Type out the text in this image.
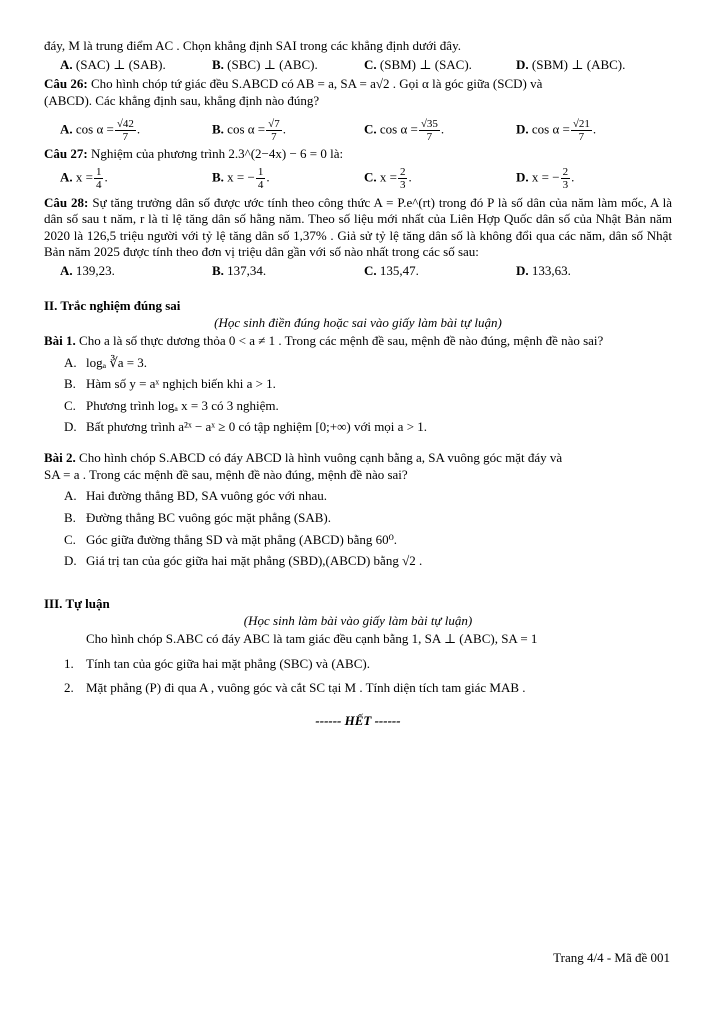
đáy, M là trung điểm AC . Chọn khẳng định SAI trong các khẳng định dưới đây.

A. (SAC) ⊥ (SAB).	B. (SBC) ⊥ (ABC).	C. (SBM) ⊥ (SAC).	D. (SBM) ⊥ (ABC).

Câu 26: Cho hình chóp tứ giác đều S.ABCD có AB = a, SA = a√2 . Gọi α là góc giữa (SCD) và

(ABCD). Các khẳng định sau, khẳng định nào đúng?

A. $\cos \alpha = \frac{√42}{7}$ .	B. $\cos \alpha = \frac{√7}{7}$ .	C. $\cos \alpha = \frac{√35}{7}$ .	D. $\cos \alpha = \frac{√21}{7}$ .

Câu 27: Nghiệm của phương trình 2.3^(2−4x) − 6 = 0 là:

A. $x = \frac{1}{4}$ .	B. x = − $\frac{1}{4}$ .	C. $x = \frac{2}{3}$ .	D. x = − $\frac{2}{3}$ .

Câu 28: Sự tăng trưởng dân số được ước tính theo công thức A = P.e^(rt) trong đó P là số dân của năm làm mốc, A là dân số sau t năm, r là tỉ lệ tăng dân số hằng năm. Theo số liệu mới nhất của Liên Hợp Quốc dân số của Nhật Bản năm 2020 là 126,5 triệu người với tỷ lệ tăng dân số 1,37% . Giả sử tỷ lệ tăng dân số là không đổi qua các năm, dân số Nhật Bản năm 2025 được tính theo đơn vị triệu dân gần với số nào nhất trong các số sau:

A. 139,23.	B. 137,34.	C. 135,47.	D. 133,63.

II. Trắc nghiệm đúng sai

(Học sinh điền đúng hoặc sai vào giấy làm bài tự luận)

Bài 1. Cho a là số thực dương thỏa 0 < a ≠ 1 . Trong các mệnh đề sau, mệnh đề nào đúng, mệnh đề nào sai?

A. logₐ ∛a = 3.

B. Hàm số y = aˣ nghịch biến khi a > 1.

C. Phương trình logₐ x = 3 có 3 nghiệm.

D. Bất phương trình a²ˣ − aˣ ≥ 0 có tập nghiệm [0;+∞) với mọi a > 1.

Bài 2. Cho hình chóp S.ABCD có đáy ABCD là hình vuông cạnh bằng a, SA vuông góc mặt đáy và

SA = a . Trong các mệnh đề sau, mệnh đề nào đúng, mệnh đề nào sai?

A. Hai đường thẳng BD, SA vuông góc với nhau.

B. Đường thẳng BC vuông góc mặt phẳng (SAB).

C. Góc giữa đường thẳng SD và mặt phẳng (ABCD) bằng 60⁰.

D. Giá trị tan của góc giữa hai mặt phẳng (SBD),(ABCD) bằng √2 .

III. Tự luận

(Học sinh làm bài vào giấy làm bài tự luận)

Cho hình chóp S.ABC có đáy ABC là tam giác đều cạnh bằng 1, SA ⊥ (ABC), SA = 1

1. Tính tan của góc giữa hai mặt phẳng (SBC) và (ABC).

2. Mặt phẳng (P) đi qua A , vuông góc và cắt SC tại M . Tính diện tích tam giác MAB .

------ HẾT ------

Trang 4/4 - Mã đề 001
